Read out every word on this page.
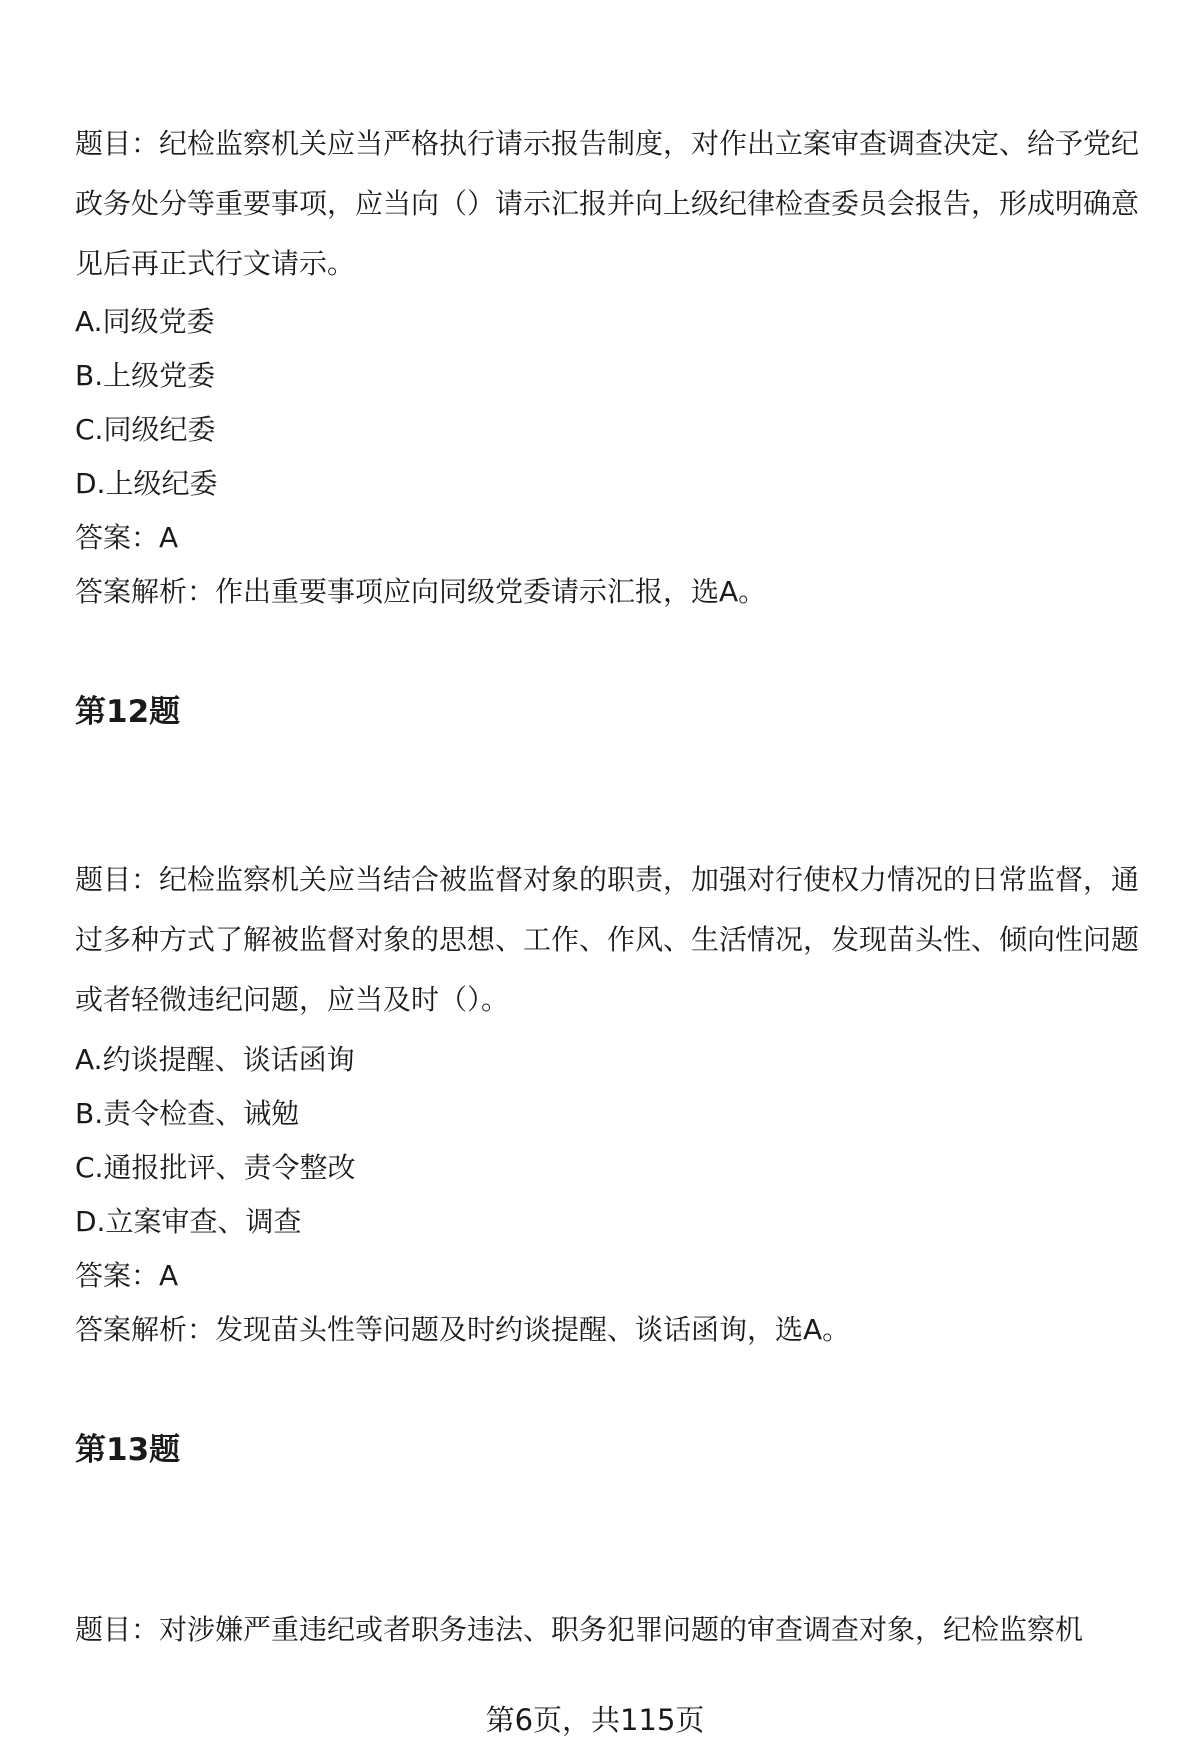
题目：纪检监察机关应当严格执行请示报告制度，对作出立案审查调查决定、给予党纪政务处分等重要事项，应当向（）请示汇报并向上级纪律检查委员会报告，形成明确意见后再正式行文请示。

A.同级党委
B.上级党委
C.同级纪委
D.上级纪委
答案：A
答案解析：作出重要事项应向同级党委请示汇报，选A。
第12题

题目：纪检监察机关应当结合被监督对象的职责，加强对行使权力情况的日常监督，通过多种方式了解被监督对象的思想、工作、作风、生活情况，发现苗头性、倾向性问题或者轻微违纪问题，应当及时（）。

A.约谈提醒、谈话函询
B.责令检查、诫勉
C.通报批评、责令整改
D.立案审查、调查
答案：A
答案解析：发现苗头性等问题及时约谈提醒、谈话函询，选A。
第13题
题目：对涉嫌严重违纪或者职务违法、职务犯罪问题的审查调查对象，纪检监察机
第6页，共115页
